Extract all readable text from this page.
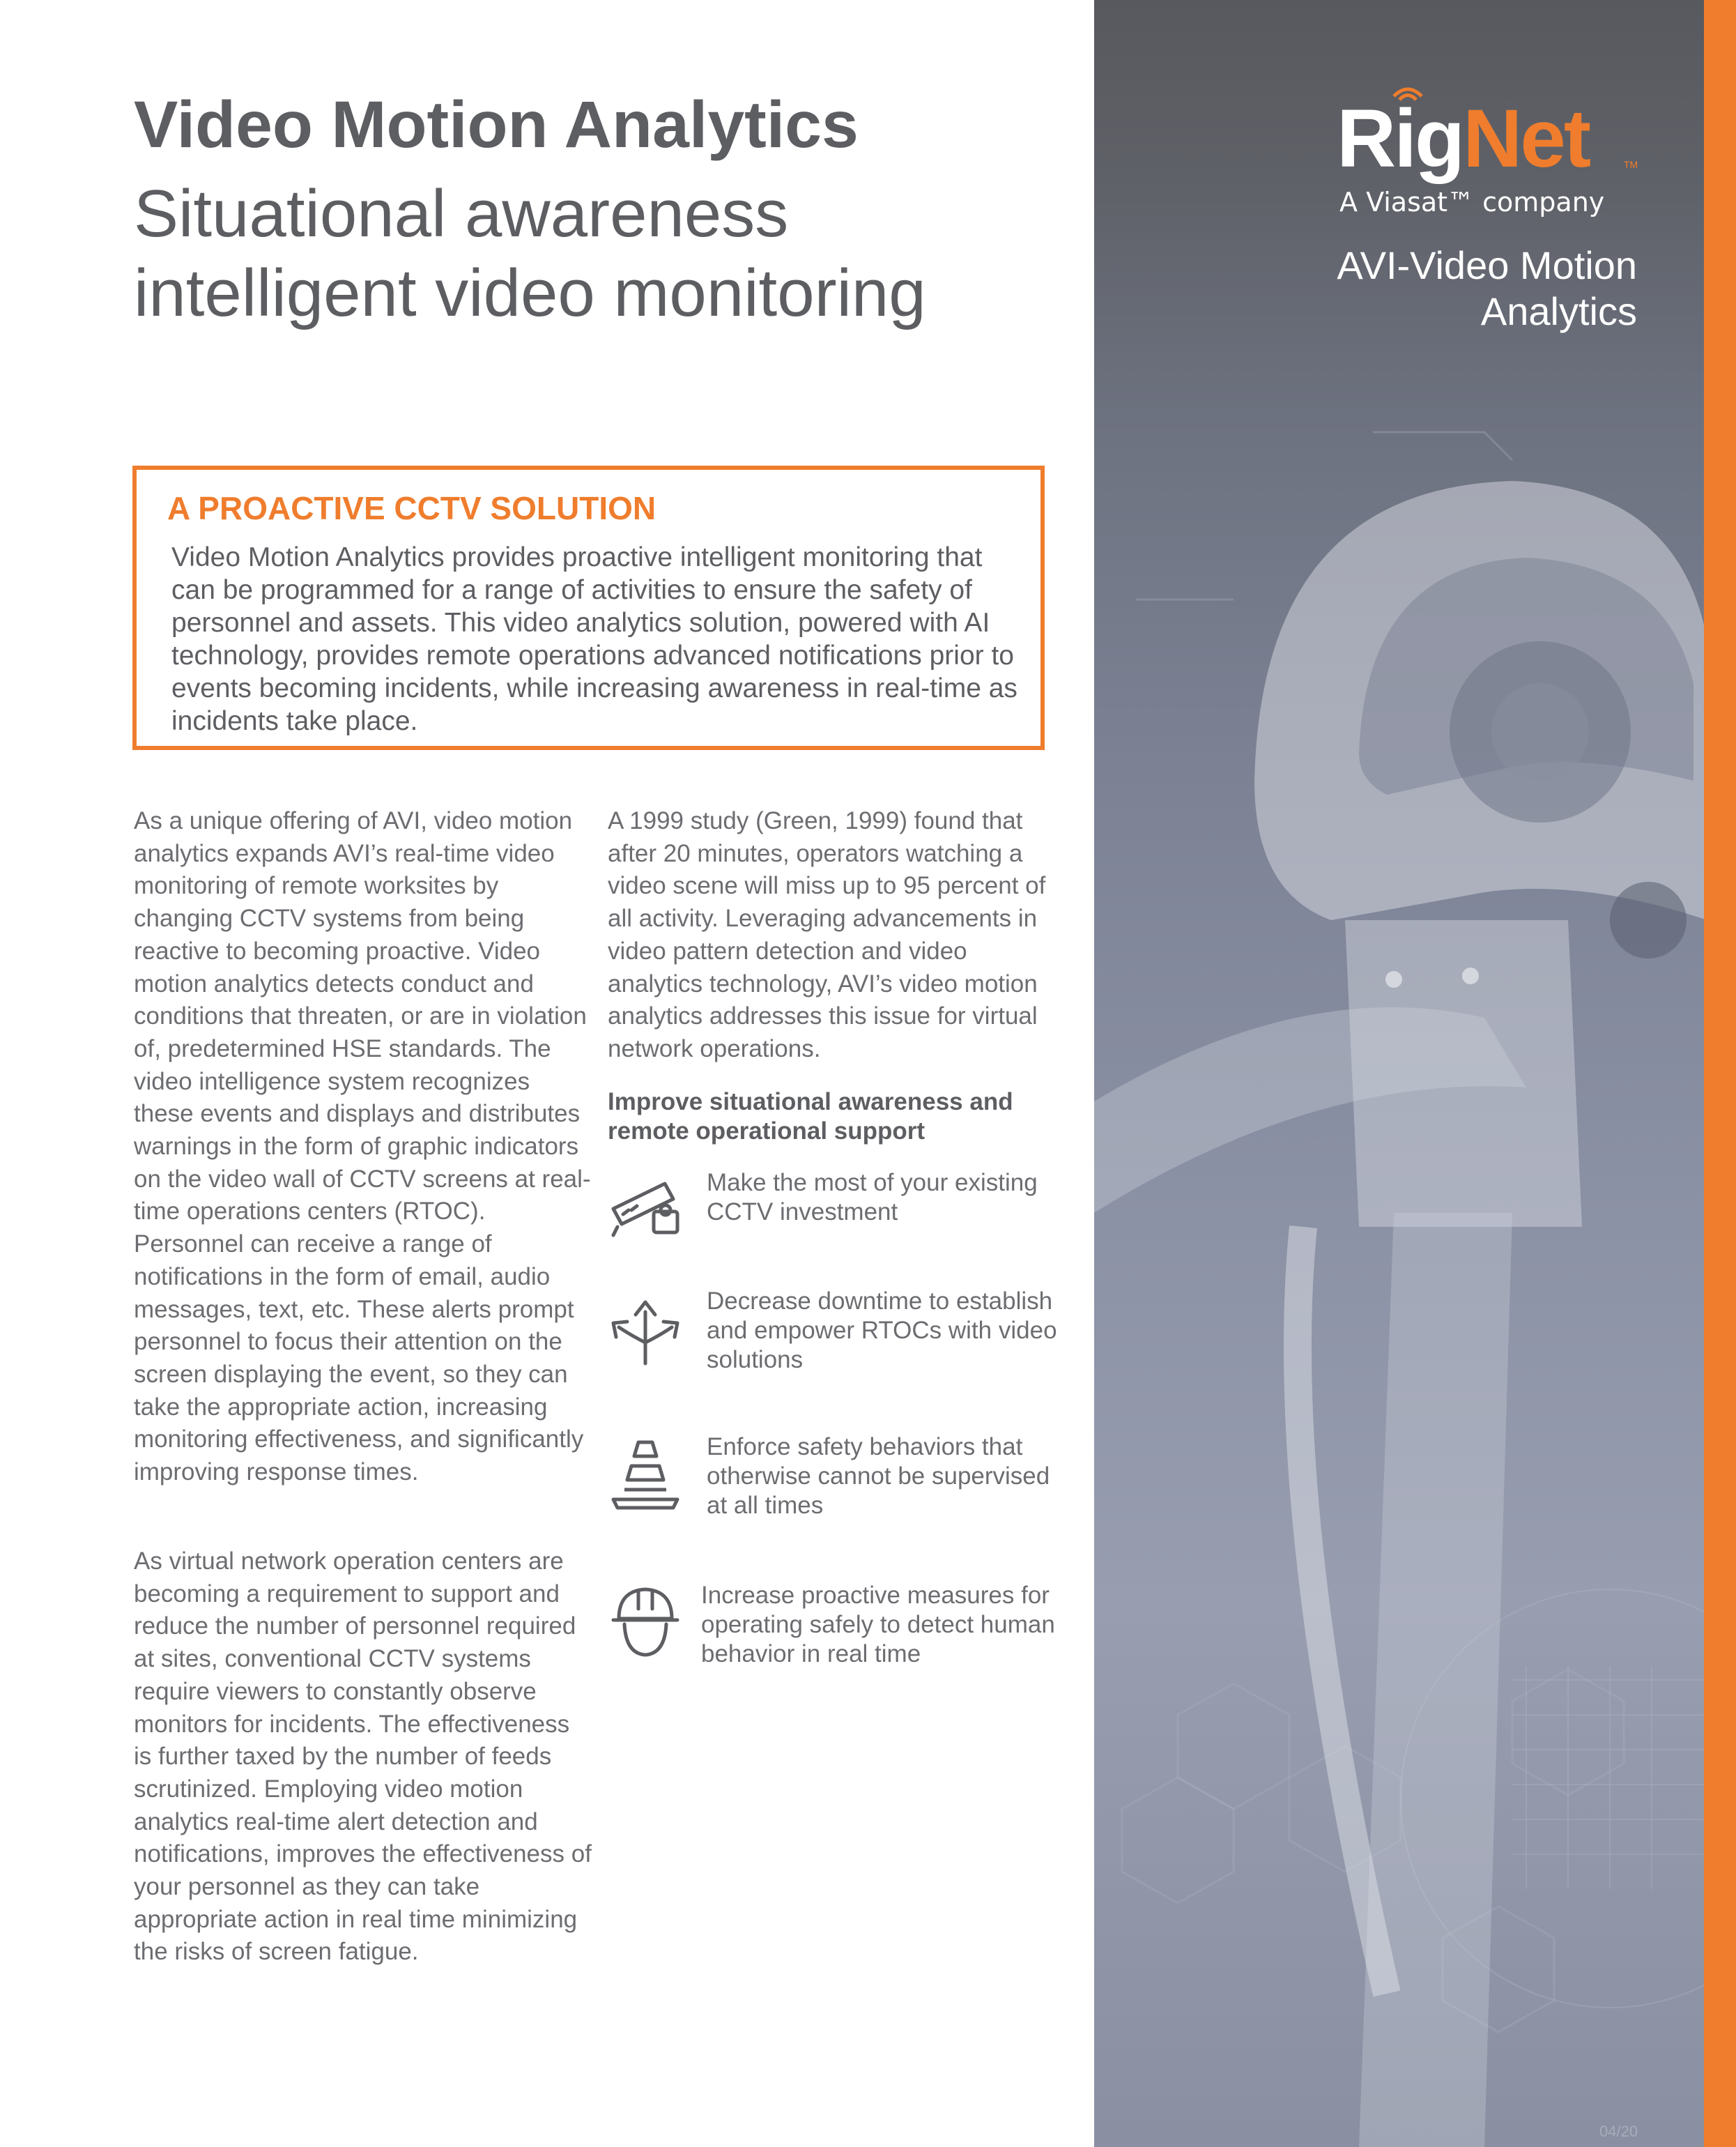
AVI-Video Motion Analytics
RigNet	TM
A Viasat™ company
04/20
Video Motion Analytics
Situational awareness intelligent video monitoring
A PROACTIVE CCTV SOLUTION

Video Motion Analytics provides proactive intelligent monitoring that can be programmed for a range of activities to ensure the safety of personnel and assets. This video analytics solution, powered with AI technology, provides remote operations advanced notifications prior to events becoming incidents, while increasing awareness in real-time as incidents take place.

As a unique offering of AVI, video motion analytics expands AVI’s real-time video monitoring of remote worksites by changing CCTV systems from being reactive to becoming proactive. Video motion analytics detects conduct and conditions that threaten, or are in violation of, predetermined HSE standards. The video intelligence system recognizes these events and displays and distributes warnings in the form of graphic indicators on the video wall of CCTV screens at real-time operations centers (RTOC). Personnel can receive a range of notifications in the form of email, audio messages, text, etc. These alerts prompt personnel to focus their attention on the screen displaying the event, so they can take the appropriate action, increasing monitoring effectiveness, and significantly improving response times.

As virtual network operation centers are becoming a requirement to support and reduce the number of personnel required at sites, conventional CCTV systems require viewers to constantly observe monitors for incidents. The effectiveness is further taxed by the number of feeds scrutinized. Employing video motion analytics real-time alert detection and notifications, improves the effectiveness of your personnel as they can take appropriate action in real time minimizing the risks of screen fatigue.

A 1999 study (Green, 1999) found that after 20 minutes, operators watching a video scene will miss up to 95 percent of all activity. Leveraging advancements in video pattern detection and video analytics technology, AVI’s video motion analytics addresses this issue for virtual network operations.

Improve situational awareness and remote operational support

Make the most of your existing CCTV investment

Decrease downtime to establish and empower RTOCs with video solutions

Enforce safety behaviors that otherwise cannot be supervised at all times

Increase proactive measures for operating safely to detect human behavior in real time
